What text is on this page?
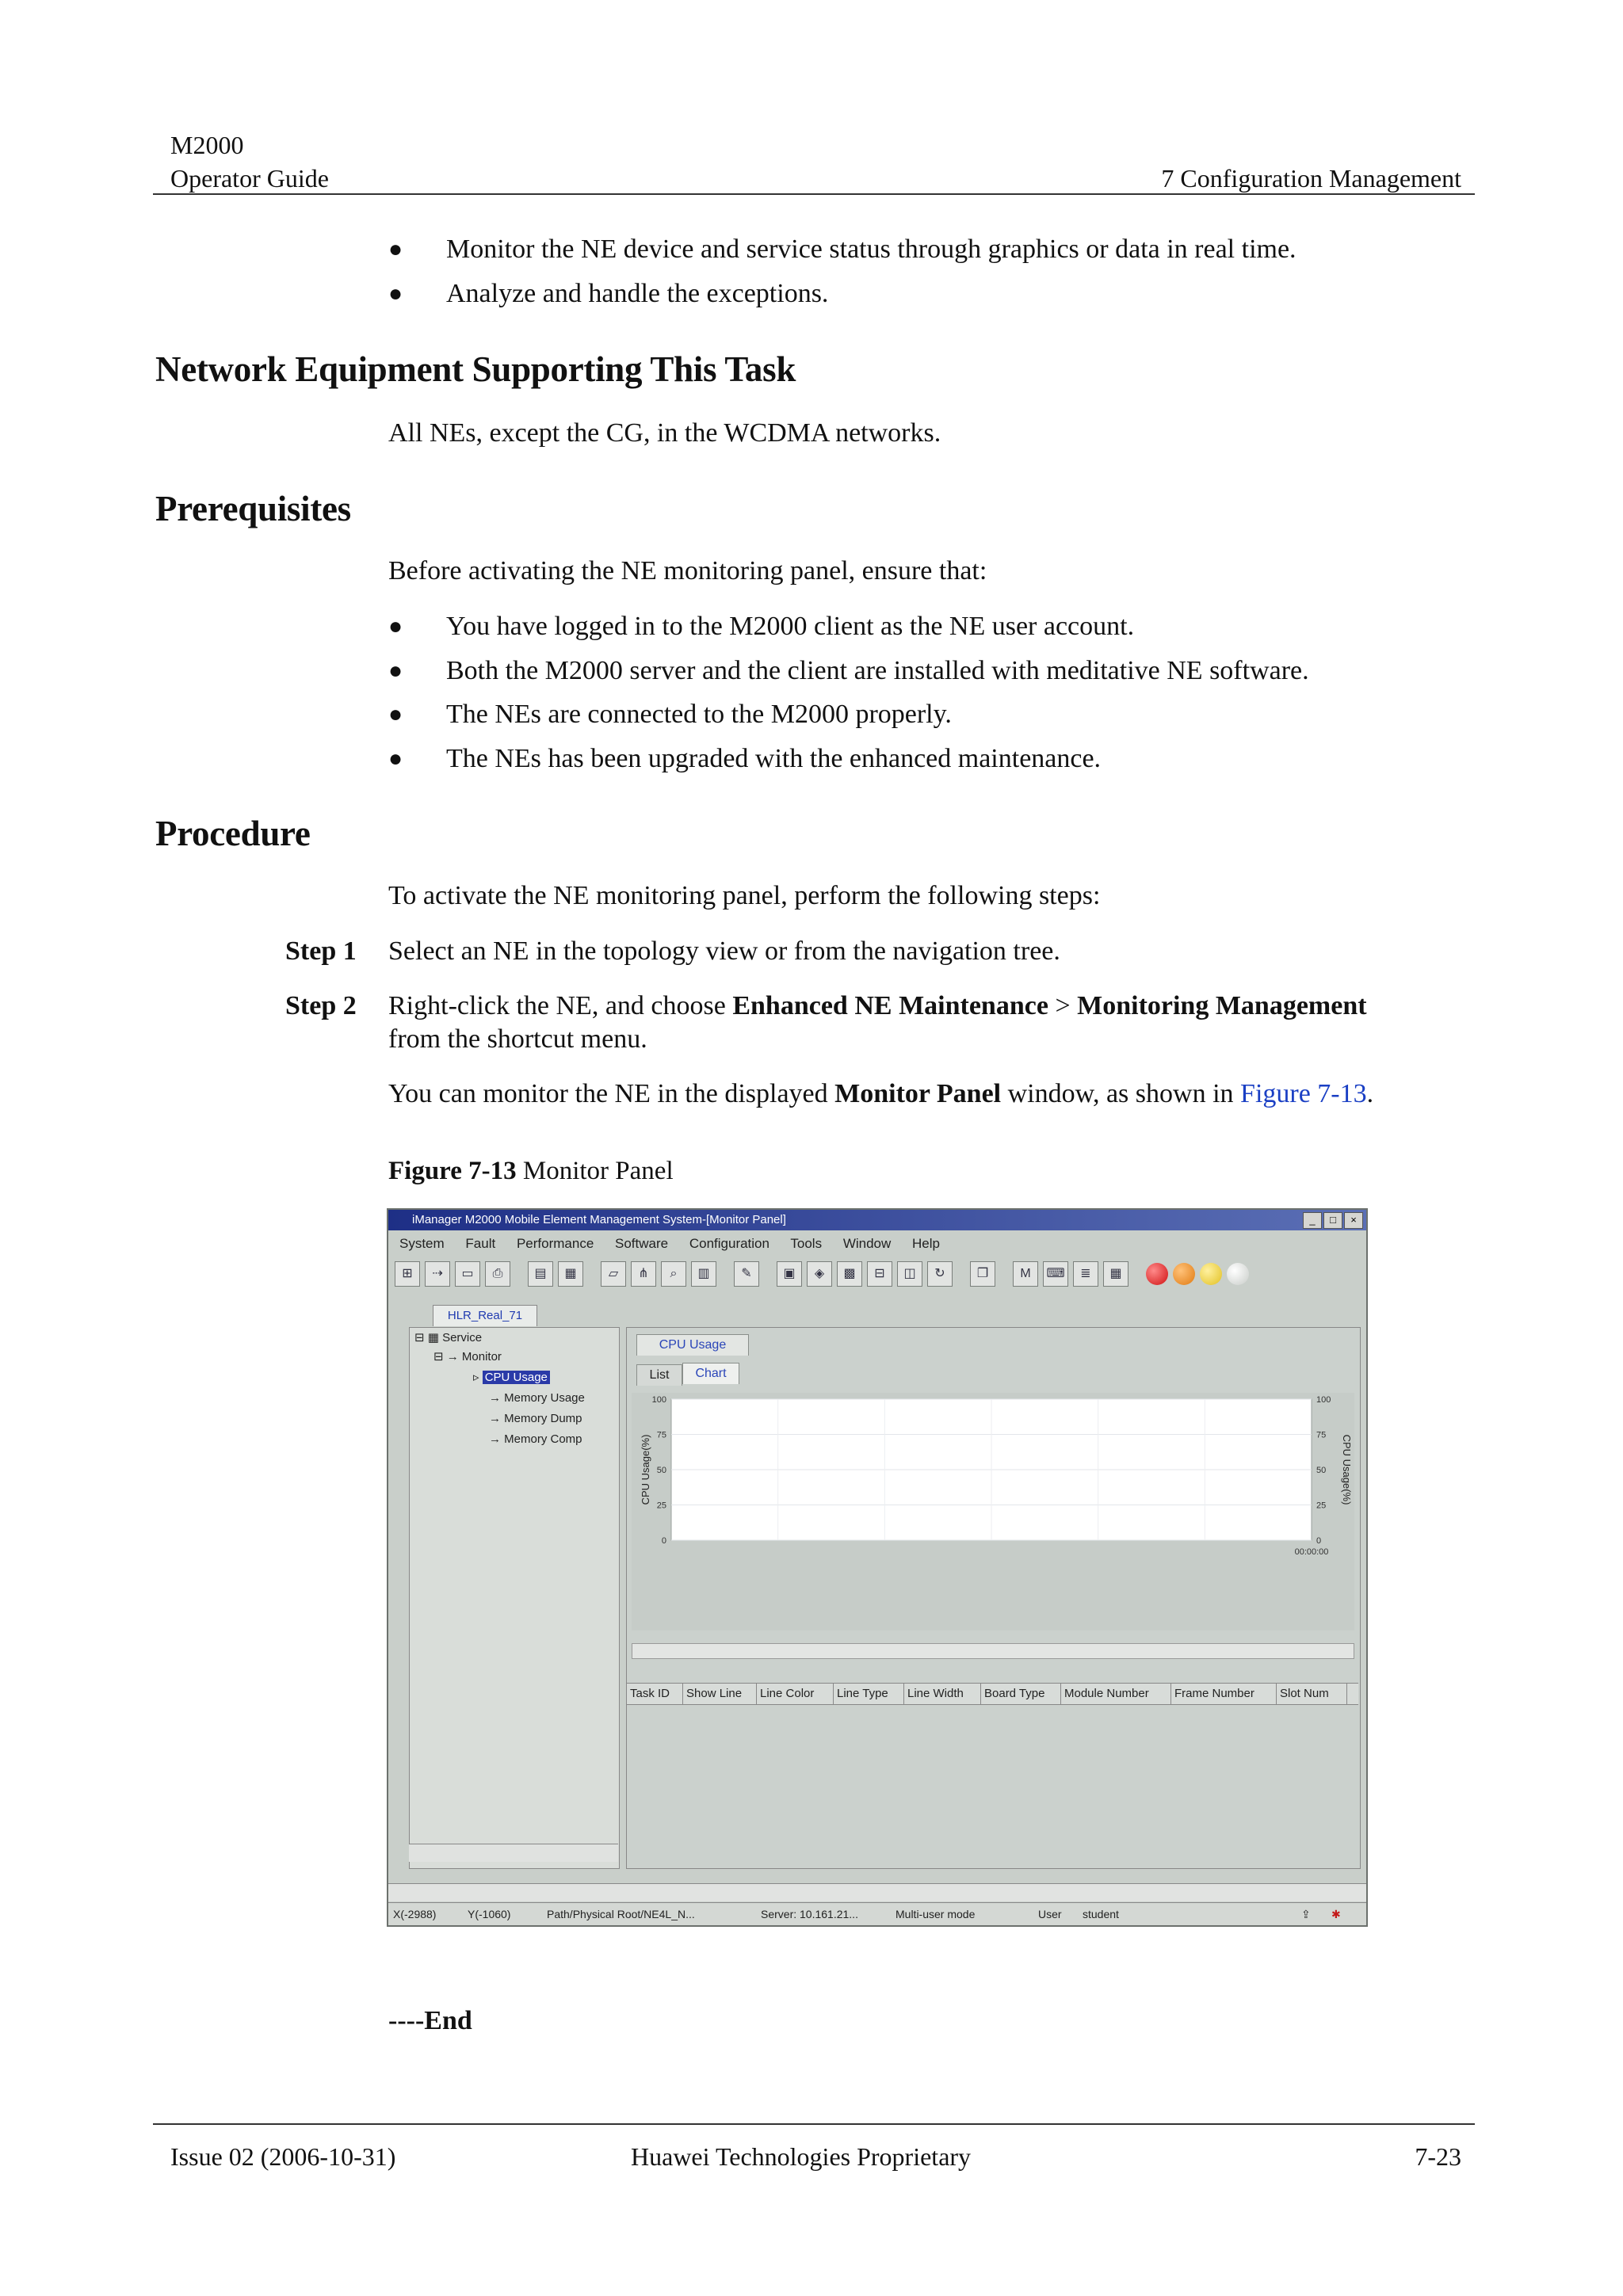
M2000
Operator Guide	7 Configuration Management
● Monitor the NE device and service status through graphics or data in real time.
● Analyze and handle the exceptions.
Network Equipment Supporting This Task
All NEs, except the CG, in the WCDMA networks.
Prerequisites
Before activating the NE monitoring panel, ensure that:
● You have logged in to the M2000 client as the NE user account.
● Both the M2000 server and the client are installed with meditative NE software.
● The NEs are connected to the M2000 properly.
● The NEs has been upgraded with the enhanced maintenance.
Procedure
To activate the NE monitoring panel, perform the following steps:
Step 1 Select an NE in the topology view or from the navigation tree.
Step 2 Right-click the NE, and choose Enhanced NE Maintenance > Monitoring Management
from the shortcut menu.
You can monitor the NE in the displayed Monitor Panel window, as shown in Figure 7-13.
Figure 7-13 Monitor Panel
iManager M2000 Mobile Element Management System-[Monitor Panel]	_	□	×
System Fault Performance Software Configuration Tools Window Help
⊞	⇢	▭	⎙	▤	▦	▱	⋔	⌕	▥	✎	▣	◈	▩	⊟	◫	↻	❐	M	⌨	≣	▦
HLR_Real_71
⊟ ▦ Service
⊟ → Monitor
▹ CPU Usage
→ Memory Usage
→ Memory Dump
→ Memory Comp
CPU Usage
List	Chart
0	0
25	25
50	50
75	75
100	100
00:00:00
CPU Usage(%)	CPU Usage(%)
Task ID	Show Line	Line Color	Line Type	Line Width	Board Type	Module Number	Frame Number	Slot Num
X(-2988)	Y(-1060)	Path/Physical Root/NE4L_N...	Server: 10.161.21...	Multi-user mode	User student	⇪ ✱
----End
Issue 02 (2006-10-31)	Huawei Technologies Proprietary	7-23
